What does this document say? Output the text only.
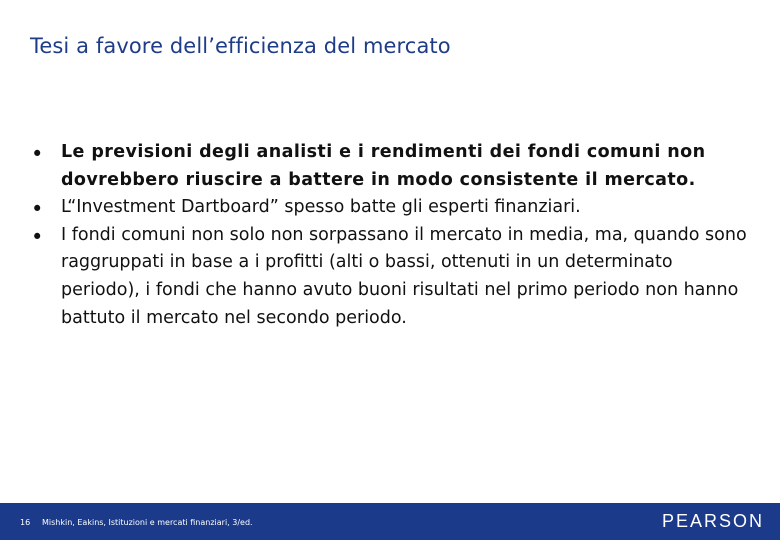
Tesi a favore dell’efficienza del mercato
• Le previsioni degli analisti e i rendimenti dei fondi comuni non dovrebbero riuscire a battere in modo consistente il mercato.
• L“Investment Dartboard” spesso batte gli esperti finanziari.
• I fondi comuni non solo non sorpassano il mercato in media, ma, quando sono raggruppati in base a i profitti (alti o bassi, ottenuti in un determinato periodo), i fondi che hanno avuto buoni risultati nel primo periodo non hanno battuto il mercato nel secondo periodo.
16 Mishkin, Eakins, Istituzioni e mercati finanziari, 3/ed.	PEARSON
